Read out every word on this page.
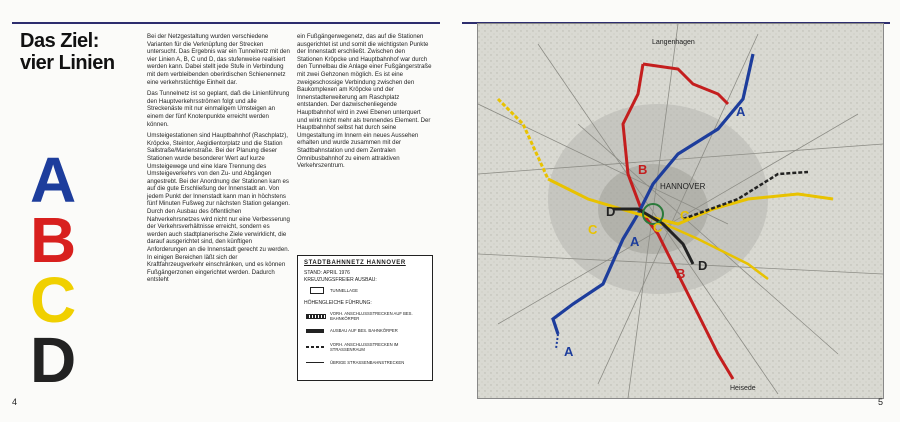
Das Ziel:
vier Linien
A
B
C
D

Bei der Netzgestaltung wurden verschiedene Varianten für die Verknüpfung der Strecken untersucht. Das Ergebnis war ein Tunnelnetz mit den vier Linien A, B, C und D, das stufenweise realisiert werden kann. Dabei stellt jede Stufe in Verbindung mit dem verbleibenden oberirdischen Schienennetz eine verkehrstüchtige Einheit dar.

Das Tunnelnetz ist so geplant, daß die Linienführung den Hauptverkehrsströmen folgt und alle Streckenäste mit nur einmaligem Umsteigen an einem der fünf Knotenpunkte erreicht werden können.

Umsteigestationen sind Hauptbahnhof (Raschplatz), Kröpcke, Steintor, Aegidientorplatz und die Station Sallstraße/Marienstraße. Bei der Planung dieser Stationen wurde besonderer Wert auf kurze Umsteigewege und eine klare Trennung des Umsteigeverkehrs von den Zu- und Abgängen angestrebt. Bei der Anordnung der Stationen kam es auf die gute Erschließung der Innenstadt an. Von jedem Punkt der Innenstadt kann man in höchstens fünf Minuten Fußweg zur nächsten Station gelangen. Durch den Ausbau des öffentlichen Nahverkehrsnetzes wird nicht nur eine Verbesserung der Verkehrsverhältnisse erreicht, sondern es werden auch stadtplanerische Ziele verwirklicht, die darauf ausgerichtet sind, den künftigen Anforderungen an die Innenstadt gerecht zu werden. In einigen Bereichen läßt sich der Kraftfahrzeugverkehr einschränken, und es können Fußgängerzonen eingerichtet werden. Dadurch entsteht

ein Fußgängerwegenetz, das auf die Stationen ausgerichtet ist und somit die wichtigsten Punkte der Innenstadt erschließt. Zwischen den Stationen Kröpcke und Hauptbahnhof war durch den Tunnelbau die Anlage einer Fußgängerstraße mit zwei Gehzonen möglich. Es ist eine zweigeschossige Verbindung zwischen den Baukomplexen am Kröpcke und der Innenstadterweiterung am Raschplatz entstanden. Der dazwischenliegende Hauptbahnhof wird in zwei Ebenen unterquert und wirkt nicht mehr als trennendes Element. Der Hauptbahnhof selbst hat durch seine Umgestaltung im Innern ein neues Aussehen erhalten und wurde zusammen mit der Stadtbahnstation und dem Zentralen Omnibusbahnhof zu einem attraktiven Verkehrszentrum.

STADTBAHNNETZ HANNOVER
STAND: APRIL 1976
KREUZUNGSFREIER AUSBAU:
TUNNELLAGE
HÖHENGLEICHE FÜHRUNG:
VORH. ANSCHLUSSSTRECKEN AUF BES. BAHNKÖRPER
AUSBAU AUF BES. BAHNKÖRPER
VORH. ANSCHLUSSSTRECKEN IM STRASSENRAUM
ÜBRIGE STRASSENBAHNSTRECKEN
4
A
B
C
D
A
B
C
D
A
C
Langenhagen
Heisede
HANNOVER
5
